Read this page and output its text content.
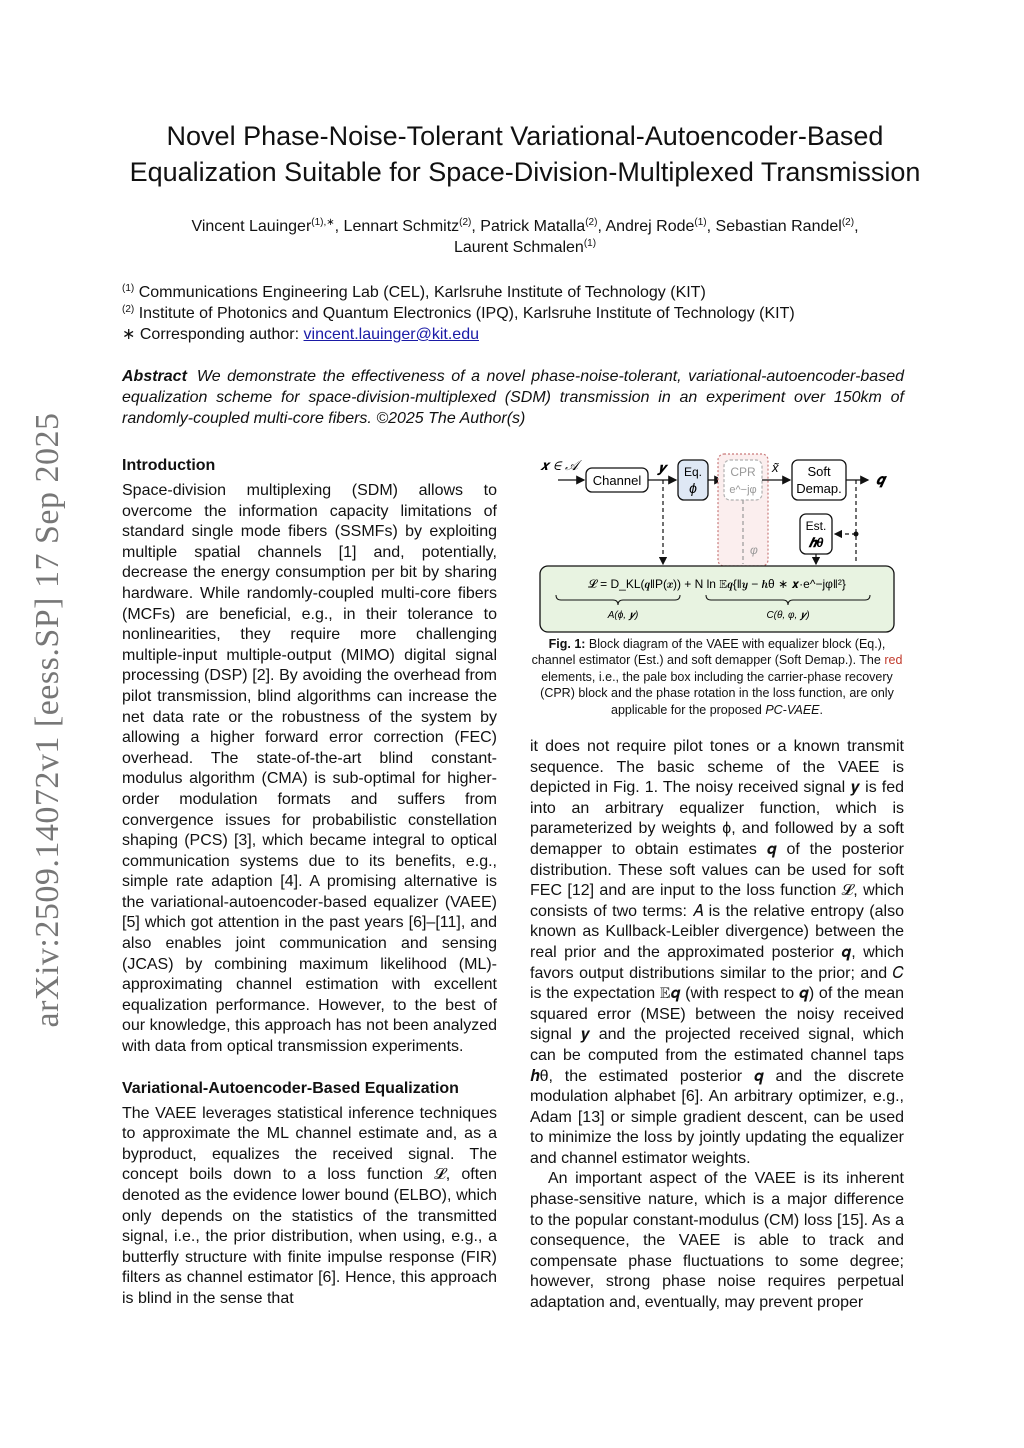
arXiv:2509.14072v1 [eess.SP] 17 Sep 2025
Novel Phase-Noise-Tolerant Variational-Autoencoder-Based
Equalization Suitable for Space-Division-Multiplexed Transmission
Vincent Lauinger$^{(1),∗}$, Lennart Schmitz$^{(2)}$, Patrick Matalla$^{(2)}$, Andrej Rode$^{(1)}$, Sebastian Randel$^{(2)}$,
Laurent Schmalen$^{(1)}$
$^{(1)}$ Communications Engineering Lab (CEL), Karlsruhe Institute of Technology (KIT)
$^{(2)}$ Institute of Photonics and Quantum Electronics (IPQ), Karlsruhe Institute of Technology (KIT)
∗ Corresponding author: vincent.lauinger@kit.edu
Abstract We demonstrate the effectiveness of a novel phase-noise-tolerant, variational-autoencoder-based equalization scheme for space-division-multiplexed (SDM) transmission in an experiment over 150km of randomly-coupled multi-core fibers. ©2025 The Author(s)
Introduction

Space-division multiplexing (SDM) allows to overcome the information capacity limitations of standard single mode fibers (SSMFs) by exploiting multiple spatial channels [1] and, potentially, decrease the energy consumption per bit by sharing hardware. While randomly-coupled multi-core fibers (MCFs) are beneficial, e.g., in their tolerance to nonlinearities, they require more challenging multiple-input multiple-output (MIMO) digital signal processing (DSP) [2]. By avoiding the overhead from pilot transmission, blind algorithms can increase the net data rate or the robustness of the system by allowing a higher forward error correction (FEC) overhead. The state-of-the-art blind constant-modulus algorithm (CMA) is sub-optimal for higher-order modulation formats and suffers from convergence issues for probabilistic constellation shaping (PCS) [3], which became integral to optical communication systems due to its benefits, e.g., simple rate adaption [4]. A promising alternative is the variational-autoencoder-based equalizer (VAEE) [5] which got attention in the past years [6]–[11], and also enables joint communication and sensing (JCAS) by combining maximum likelihood (ML)-approximating channel estimation with excellent equalization performance. However, to the best of our knowledge, this approach has not been analyzed with data from optical transmission experiments.

Variational-Autoencoder-Based Equalization

The VAEE leverages statistical inference techniques to approximate the ML channel estimate and, as a byproduct, equalizes the received signal. The concept boils down to a loss function 𝓛, often denoted as the evidence lower bound (ELBO), which only depends on the statistics of the transmitted signal, i.e., the prior distribution, when using, e.g., a butterfly structure with finite impulse response (FIR) filters as channel estimator [6]. Hence, this approach is blind in the sense that

𝒙 ∈ 𝒜
Channel
𝒚 Eq.
ϕ
CPR
e^−jφ
x̃ Soft
Demap.
𝒒
Est.
𝒉θ
φ
𝓛 = D_KL(𝒒‖P(𝒙)) + N ln 𝔼𝒒{‖𝒚 − 𝒉θ ∗ 𝒙·e^−jφ‖²}
A(ϕ, 𝒚)	C(θ, φ, 𝒚)
Fig. 1: Block diagram of the VAEE with equalizer block (Eq.), channel estimator (Est.) and soft demapper (Soft Demap.). The red elements, i.e., the pale box including the carrier-phase recovery (CPR) block and the phase rotation in the loss function, are only applicable for the proposed PC-VAEE.

it does not require pilot tones or a known transmit sequence. The basic scheme of the VAEE is depicted in Fig. 1. The noisy received signal 𝒚 is fed into an arbitrary equalizer function, which is parameterized by weights ϕ, and followed by a soft demapper to obtain estimates 𝒒 of the posterior distribution. These soft values can be used for soft FEC [12] and are input to the loss function 𝓛, which consists of two terms: 𝐴 is the relative entropy (also known as Kullback-Leibler divergence) between the real prior and the approximated posterior 𝒒, which favors output distributions similar to the prior; and 𝐶 is the expectation 𝔼𝒒 (with respect to 𝒒) of the mean squared error (MSE) between the noisy received signal 𝒚 and the projected received signal, which can be computed from the estimated channel taps 𝒉θ, the estimated posterior 𝒒 and the discrete modulation alphabet [6]. An arbitrary optimizer, e.g., Adam [13] or simple gradient descent, can be used to minimize the loss by jointly updating the equalizer and channel estimator weights.

An important aspect of the VAEE is its inherent phase-sensitive nature, which is a major difference to the popular constant-modulus (CM) loss [15]. As a consequence, the VAEE is able to track and compensate phase fluctuations to some degree; however, strong phase noise requires perpetual adaptation and, eventually, may prevent proper
